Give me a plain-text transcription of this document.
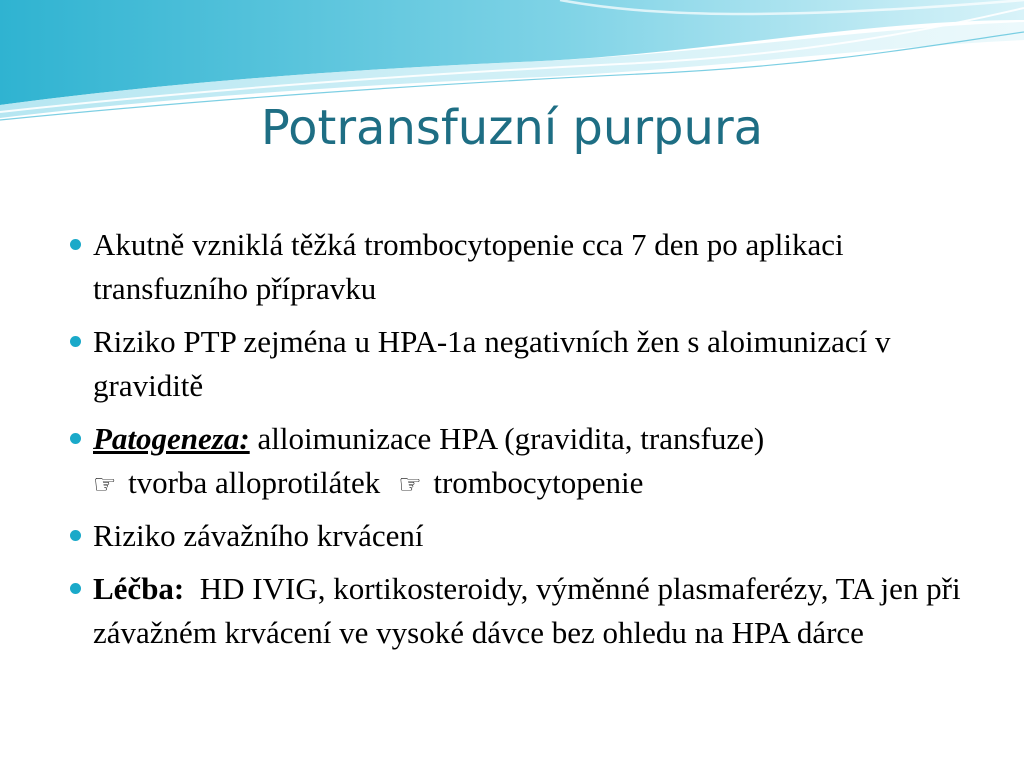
Potransfuzní purpura
Akutně vzniklá těžká trombocytopenie cca 7 den po aplikaci transfuzního přípravku
Riziko PTP zejména u HPA-1a negativních žen s aloimunizací v graviditě
Patogeneza: alloimunizace HPA (gravidita, transfuze)
☞ tvorba alloprotilátek ☞ trombocytopenie
Riziko závažního krvácení
Léčba:  HD IVIG, kortikosteroidy, výměnné plasmaferézy, TA jen při závažném krvácení ve vysoké dávce bez ohledu na HPA dárce
